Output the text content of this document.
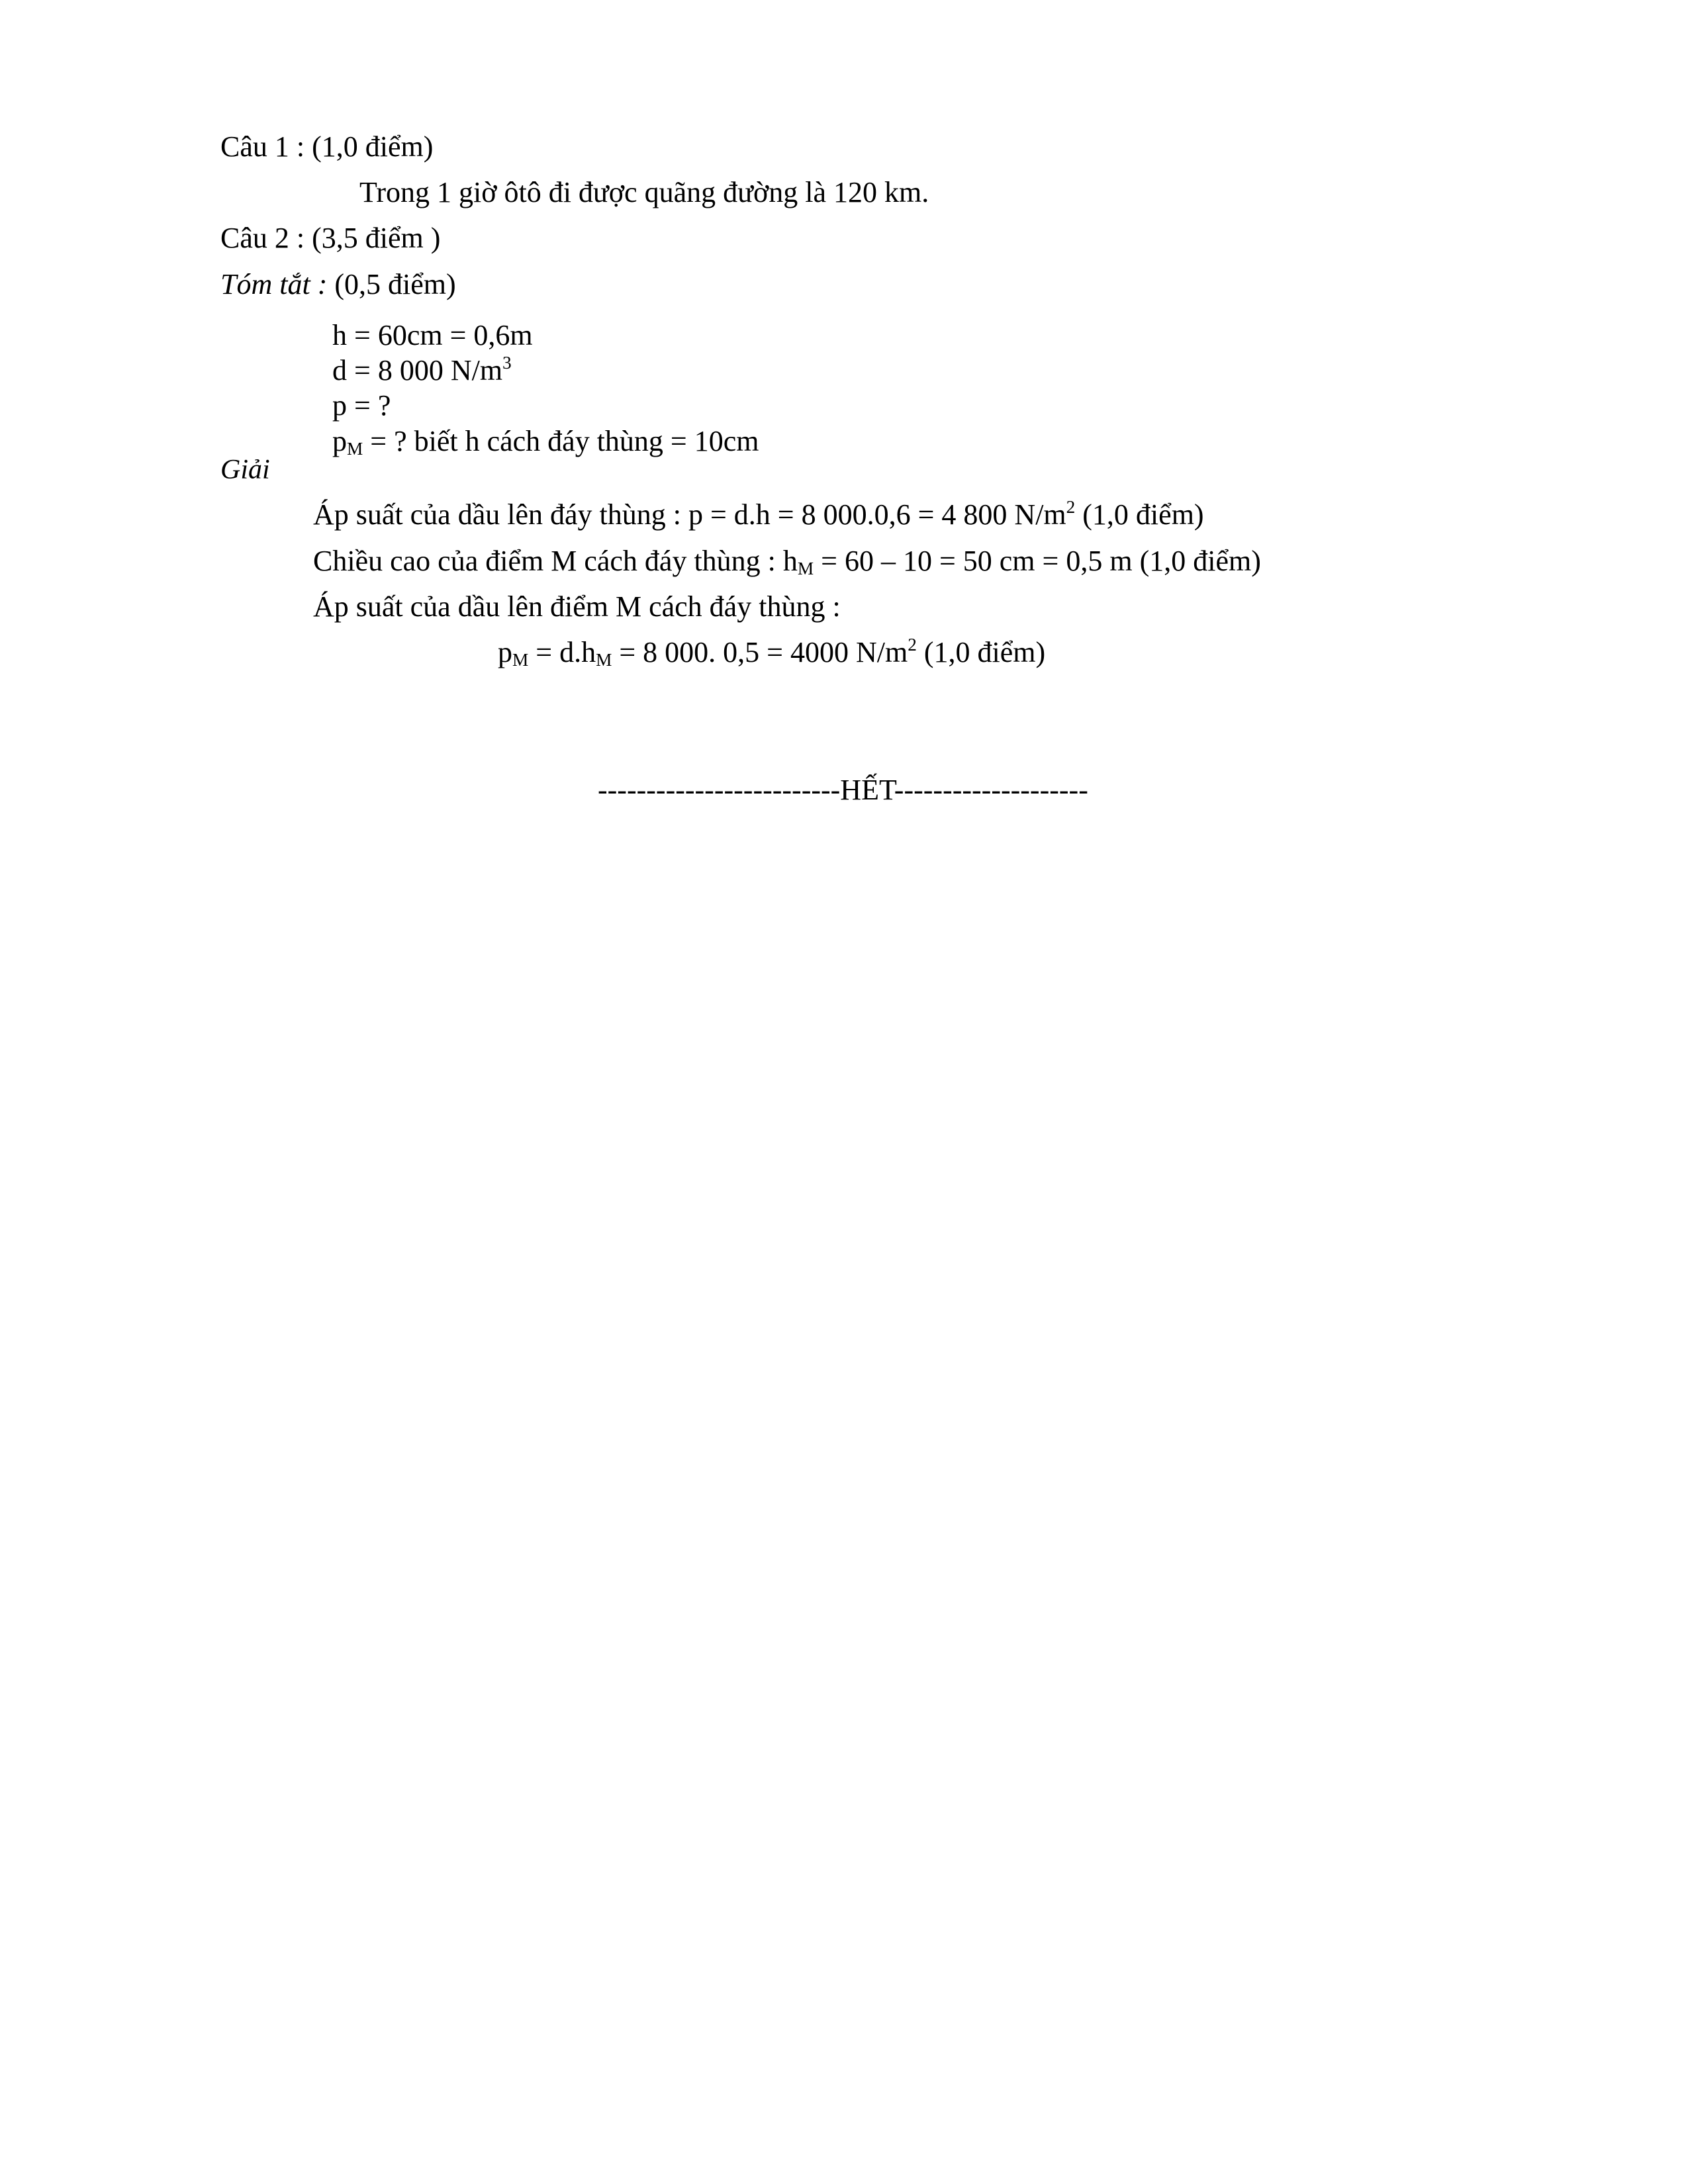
Câu 1 : (1,0 điểm)
Trong 1 giờ ôtô đi được quãng đường là 120 km.
Câu 2 : (3,5 điểm )
Tóm tắt : (0,5 điểm)
h = 60cm = 0,6m
d = 8 000 $N/m^3$
p = ?
$p_M$ = ? biết h cách đáy thùng = 10cm
Giải
Áp suất của dầu lên đáy thùng : p = d.h = 8 000.0,6 = 4 800 $N/m^2$ (1,0 điểm)
Chiều cao của điểm M cách đáy thùng : $h_M = 60 - 10 = 50$ cm = 0,5 m (1,0 điểm)
Áp suất của dầu lên điểm M cách đáy thùng :
$p_M = d.h_M = 8$ 000. 0,5 = 4000 $N/m^2$ (1,0 điểm)
-------------------------HẾT--------------------
